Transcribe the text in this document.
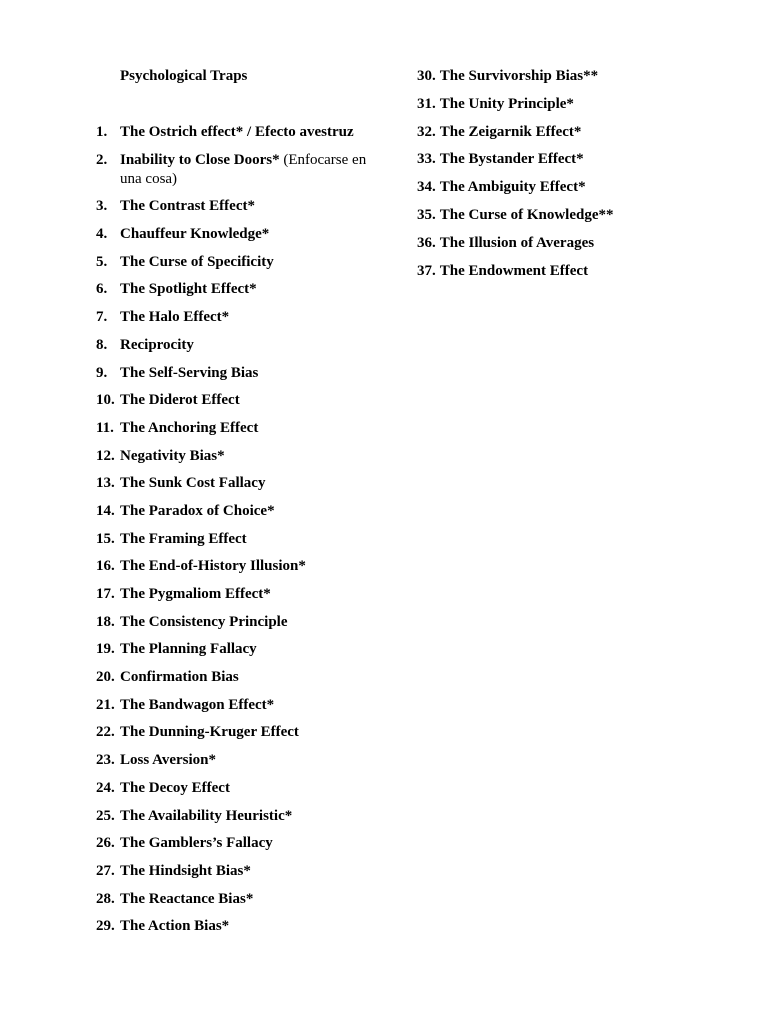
Psychological Traps
1. The Ostrich effect* / Efecto avestruz
2. Inability to Close Doors* (Enfocarse en una cosa)
3. The Contrast Effect*
4. Chauffeur Knowledge*
5. The Curse of Specificity
6. The Spotlight Effect*
7. The Halo Effect*
8. Reciprocity
9. The Self-Serving Bias
10. The Diderot Effect
11. The Anchoring Effect
12. Negativity Bias*
13. The Sunk Cost Fallacy
14. The Paradox of Choice*
15. The Framing Effect
16. The End-of-History Illusion*
17. The Pygmaliom Effect*
18. The Consistency Principle
19. The Planning Fallacy
20. Confirmation Bias
21. The Bandwagon Effect*
22. The Dunning-Kruger Effect
23. Loss Aversion*
24. The Decoy Effect
25. The Availability Heuristic*
26. The Gamblers’s Fallacy
27. The Hindsight Bias*
28. The Reactance Bias*
29. The Action Bias*
30. The Survivorship Bias**
31. The Unity Principle*
32. The Zeigarnik Effect*
33. The Bystander Effect*
34. The Ambiguity Effect*
35. The Curse of Knowledge**
36. The Illusion of Averages
37. The Endowment Effect
